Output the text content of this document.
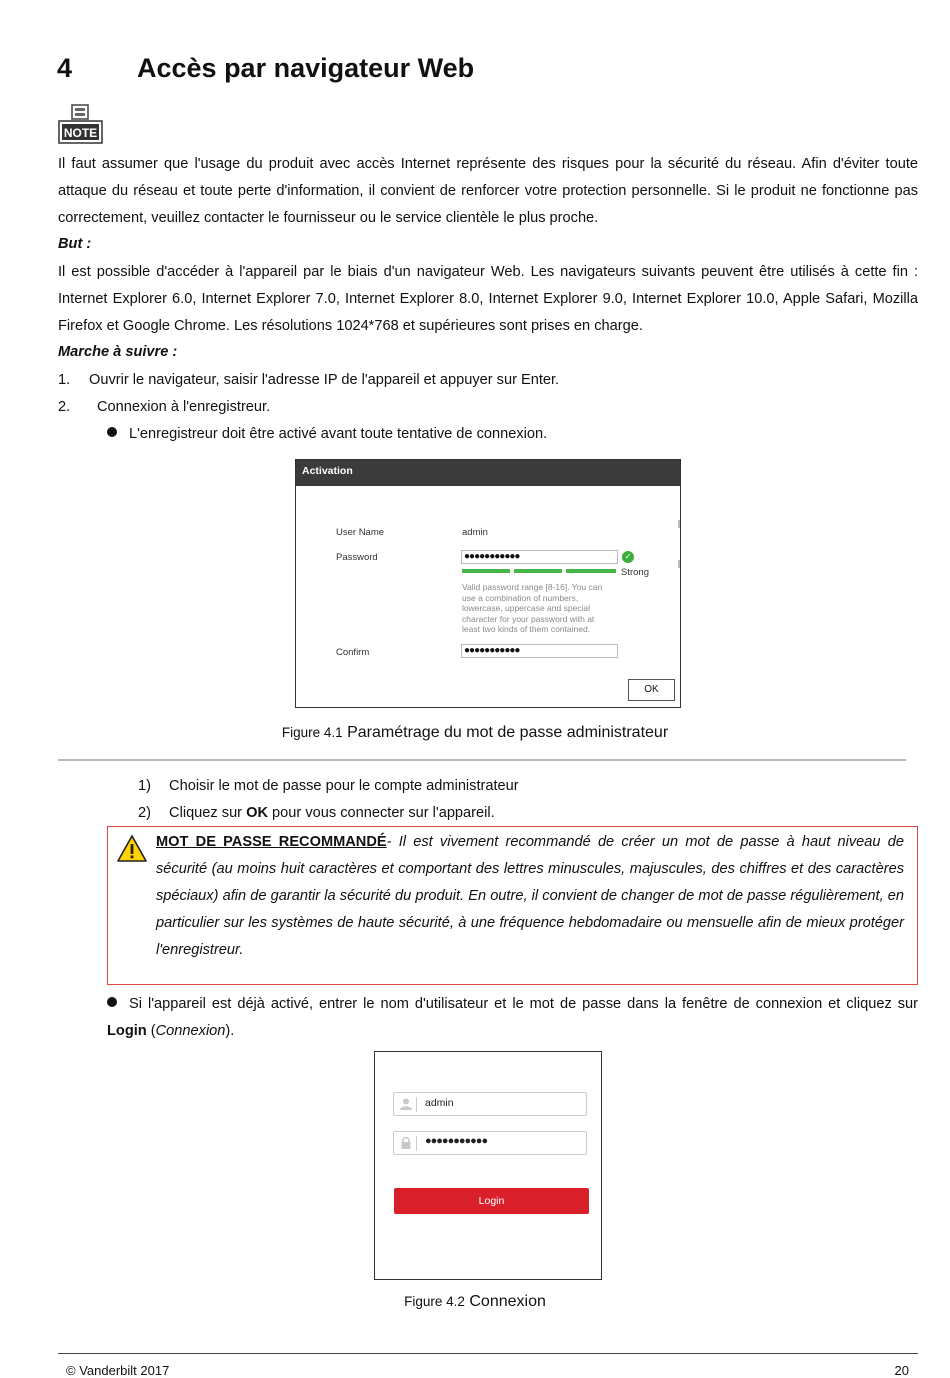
4 Accès par navigateur Web
NOTE

Il faut assumer que l'usage du produit avec accès Internet représente des risques pour la sécurité du réseau. Afin d'éviter toute attaque du réseau et toute perte d'information, il convient de renforcer votre protection personnelle. Si le produit ne fonctionne pas correctement, veuillez contacter le fournisseur ou le service clientèle le plus proche.

But :

Il est possible d'accéder à l'appareil par le biais d'un navigateur Web. Les navigateurs suivants peuvent être utilisés à cette fin : Internet Explorer 6.0, Internet Explorer 7.0, Internet Explorer 8.0, Internet Explorer 9.0, Internet Explorer 10.0, Apple Safari, Mozilla Firefox et Google Chrome. Les résolutions 1024*768 et supérieures sont prises en charge.

Marche à suivre :
1. Ouvrir le navigateur, saisir l'adresse IP de l'appareil et appuyer sur Enter.
2. Connexion à l'enregistreur.
L'enregistreur doit être activé avant toute tentative de connexion.
Activation
User Name	admin
Password	●●●●●●●●●●●	✓
Strong
Valid password range [8-16]. You can use a combination of numbers, lowercase, uppercase and special character for your password with at least two kinds of them contained.
Confirm	●●●●●●●●●●●
OK
Figure 4.1 Paramétrage du mot de passe administrateur
1) Choisir le mot de passe pour le compte administrateur
2) Cliquez sur OK pour vous connecter sur l'appareil.

MOT DE PASSE RECOMMANDÉ- Il est vivement recommandé de créer un mot de passe à haut niveau de sécurité (au moins huit caractères et comportant des lettres minuscules, majuscules, des chiffres et des caractères spéciaux) afin de garantir la sécurité du produit. En outre, il convient de changer de mot de passe régulièrement, en particulier sur les systèmes de haute sécurité, à une fréquence hebdomadaire ou mensuelle afin de mieux protéger l'enregistreur.

Si l'appareil est déjà activé, entrer le nom d'utilisateur et le mot de passe dans la fenêtre de connexion et cliquez sur Login (Connexion).

admin
●●●●●●●●●●●
Login
Figure 4.2 Connexion
© Vanderbilt 2017	20
